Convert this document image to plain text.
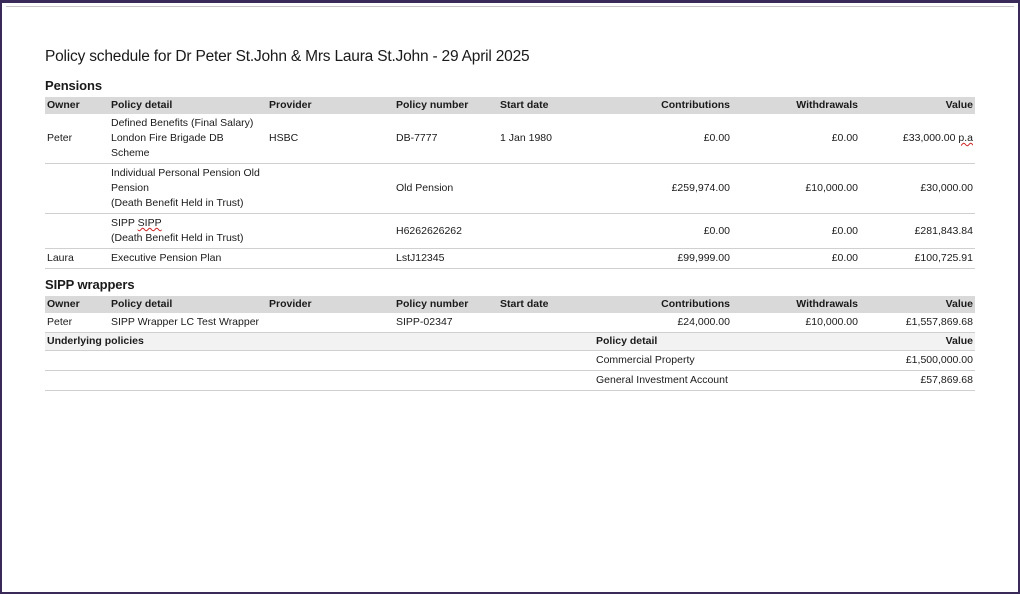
Policy schedule for Dr Peter St.John & Mrs Laura St.John - 29 April 2025
Pensions
Owner	Policy detail	Provider	Policy number	Start date	Contributions	Withdrawals	Value
Peter	Defined Benefits (Final Salary)
London Fire Brigade DB
Scheme	HSBC	DB-7777	1 Jan 1980	£0.00	£0.00	£33,000.00 p.a
	Individual Personal Pension Old
Pension
(Death Benefit Held in Trust)		Old Pension		£259,974.00	£10,000.00	£30,000.00
	SIPP SIPP
(Death Benefit Held in Trust)		H6262626262		£0.00	£0.00	£281,843.84
Laura	Executive Pension Plan		LstJ12345		£99,999.00	£0.00	£100,725.91
SIPP wrappers
Owner	Policy detail	Provider	Policy number	Start date	Contributions	Withdrawals	Value
Peter	SIPP Wrapper LC Test Wrapper		SIPP-02347		£24,000.00	£10,000.00	£1,557,869.68
Underlying policies					Policy detail		Value
					Commercial Property		£1,500,000.00
					General Investment Account		£57,869.68
